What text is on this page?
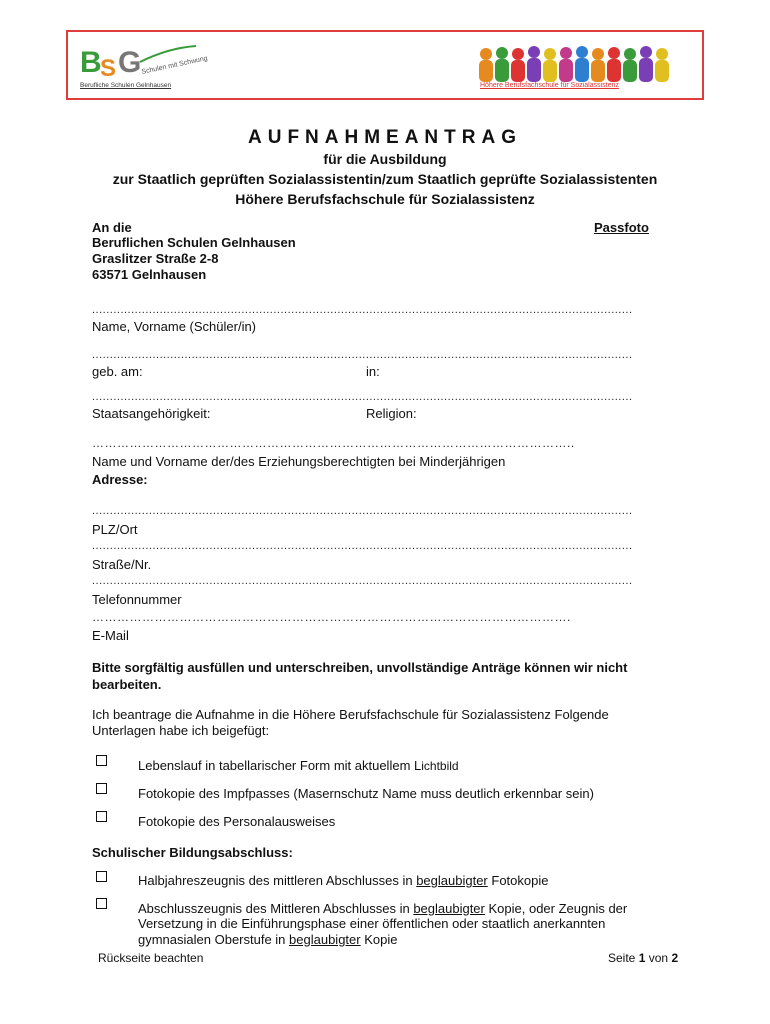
B
S G Schulen mit Schwung
Berufliche Schulen Gelnhausen	Höhere Berufsfachschule für Sozialassistenz
AUFNAHMEANTRAG
für die Ausbildung
zur Staatlich geprüften Sozialassistentin/zum Staatlich geprüfte Sozialassistenten
Höhere Berufsfachschule für Sozialassistenz
An die	Passfoto
Beruflichen Schulen Gelnhausen
Graslitzer Straße 2-8
63571 Gelnhausen
........................................................................................................................................................
Name, Vorname (Schüler/in)
........................................................................................................................................................
geb. am:	in:
........................................................................................................................................................
Staatsangehörigkeit:	Religion:
……………………………………………………………………………………………………..
Name und Vorname der/des Erziehungsberechtigten bei Minderjährigen
Adresse:
........................................................................................................................................................
PLZ/Ort
........................................................................................................................................................
Straße/Nr.
........................................................................................................................................................
Telefonnummer
…………………………………………………………………………………………………….
E-Mail
Bitte sorgfältig ausfüllen und unterschreiben, unvollständige Anträge können wir nicht
bearbeiten.
Ich beantrage die Aufnahme in die Höhere Berufsfachschule für Sozialassistenz Folgende
Unterlagen habe ich beigefügt:
Lebenslauf in tabellarischer Form mit aktuellem Lichtbild
Fotokopie des Impfpasses (Masernschutz Name muss deutlich erkennbar sein)
Fotokopie des Personalausweises
Schulischer Bildungsabschluss:
Halbjahreszeugnis des mittleren Abschlusses in beglaubigter Fotokopie
Abschlusszeugnis des Mittleren Abschlusses in beglaubigter Kopie, oder Zeugnis der
Versetzung in die Einführungsphase einer öffentlichen oder staatlich anerkannten
gymnasialen Oberstufe in beglaubigter Kopie
Rückseite beachten	Seite 1 von 2
